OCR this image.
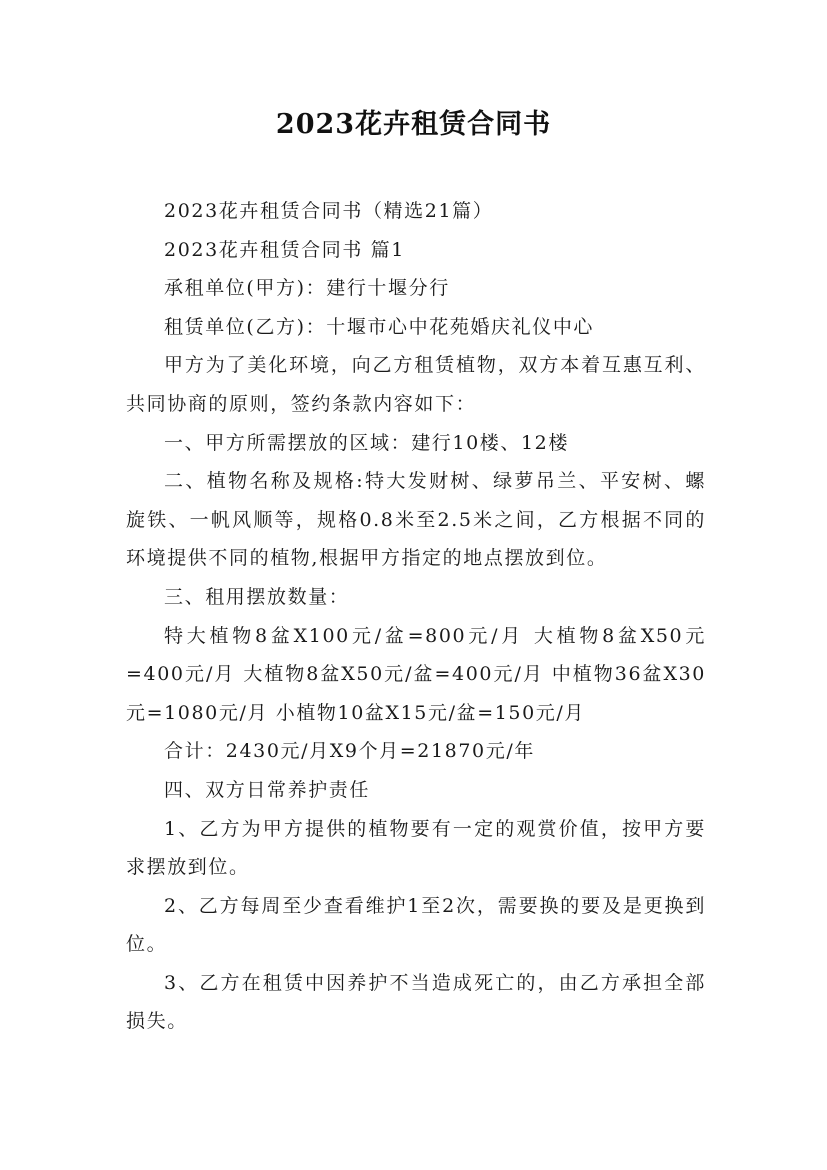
2023花卉租赁合同书

2023花卉租赁合同书（精选21篇）

2023花卉租赁合同书 篇1

承租单位(甲方)：建行十堰分行

租赁单位(乙方)：十堰市心中花苑婚庆礼仪中心

甲方为了美化环境，向乙方租赁植物，双方本着互惠互利、共同协商的原则，签约条款内容如下：

一、甲方所需摆放的区域：建行10楼、12楼

二、植物名称及规格:特大发财树、绿萝吊兰、平安树、螺旋铁、一帆风顺等，规格0.8米至2.5米之间，乙方根据不同的环境提供不同的植物,根据甲方指定的地点摆放到位。

三、租用摆放数量：

特大植物8盆X100元/盆=800元/月 大植物8盆X50元=400元/月 大植物8盆X50元/盆=400元/月 中植物36盆X30元=1080元/月 小植物10盆X15元/盆=150元/月

合计：2430元/月X9个月=21870元/年

四、双方日常养护责任

1、乙方为甲方提供的植物要有一定的观赏价值，按甲方要求摆放到位。

2、乙方每周至少查看维护1至2次，需要换的要及是更换到位。

3、乙方在租赁中因养护不当造成死亡的，由乙方承担全部损失。
